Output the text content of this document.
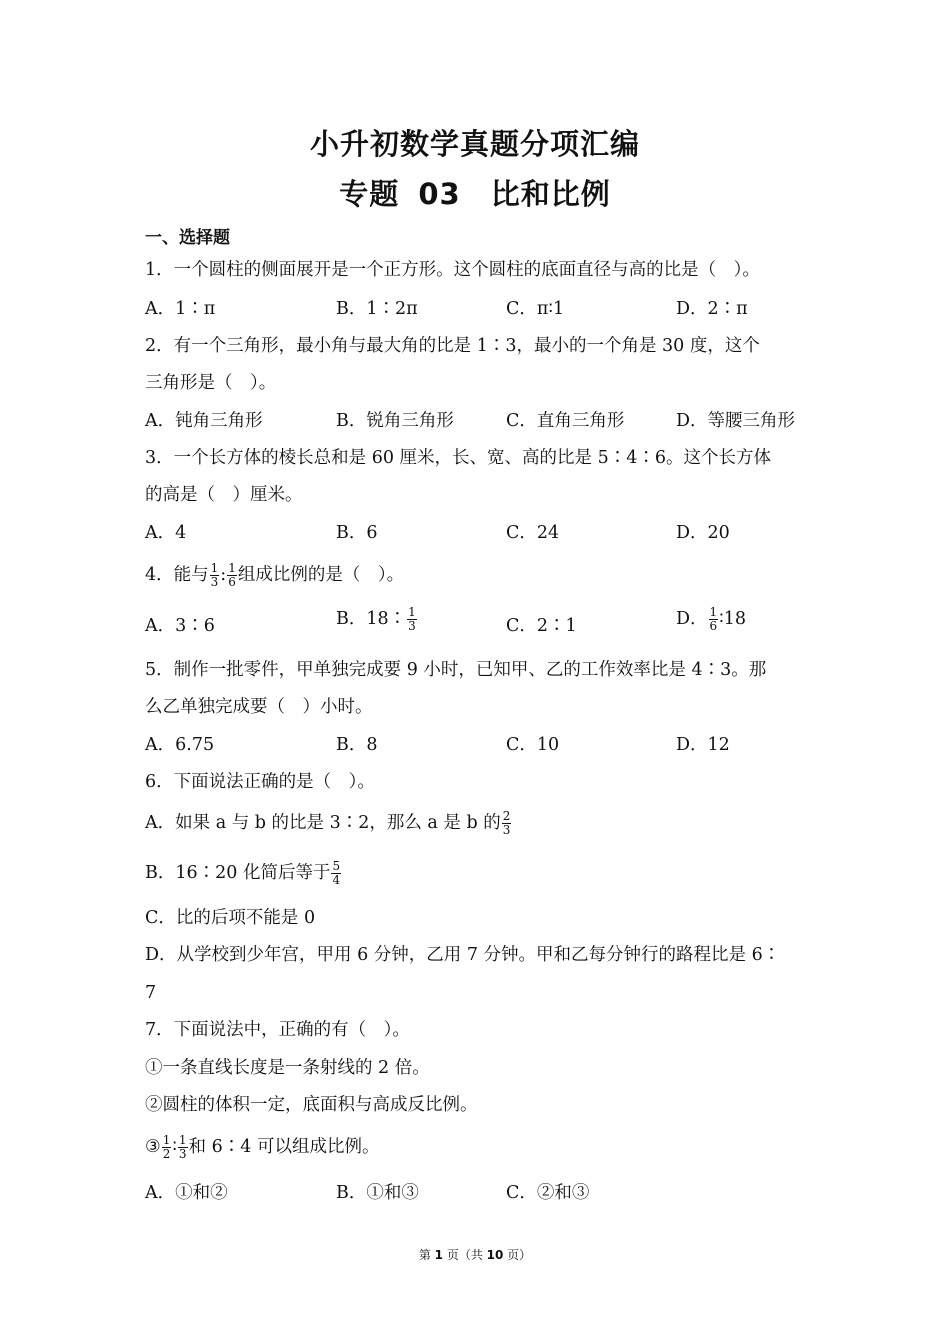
小升初数学真题分项汇编
专题 03　比和比例
一、选择题
1．一个圆柱的侧面展开是一个正方形。这个圆柱的底面直径与高的比是（　）。
A．1∶π	B．1∶2π	C．π∶1	D．2∶π
2．有一个三角形，最小角与最大角的比是 1∶3，最小的一个角是 30 度，这个
三角形是（　）。
A．钝角三角形	B．锐角三角形	C．直角三角形	D．等腰三角形
3．一个长方体的棱长总和是 60 厘米，长、宽、高的比是 5∶4∶6。这个长方体
的高是（　）厘米。
A．4	B．6	C．24	D．20
4．能与 $\frac{1}{3}$ : $\frac{1}{6}$ 组成比例的是（　）。
A．3∶6	B．18∶ $\frac{1}{3}$	C．2∶1	D． $\frac{1}{6}$ ∶18
5．制作一批零件，甲单独完成要 9 小时，已知甲、乙的工作效率比是 4∶3。那
么乙单独完成要（　）小时。
A．6.75	B．8	C．10	D．12
6．下面说法正确的是（　）。
A．如果 a 与 b 的比是 3∶2，那么 a 是 b 的 $\frac{2}{3}$
B．16∶20 化简后等于 $\frac{5}{4}$
C．比的后项不能是 0
D．从学校到少年宫，甲用 6 分钟，乙用 7 分钟。甲和乙每分钟行的路程比是 6∶
7
7．下面说法中，正确的有（　）。
①一条直线长度是一条射线的 2 倍。
②圆柱的体积一定，底面积与高成反比例。
③ $\frac{1}{2}$ ∶ $\frac{1}{3}$ 和 6∶4 可以组成比例。
A．①和②	B．①和③	C．②和③
第 1 页（共 10 页）
